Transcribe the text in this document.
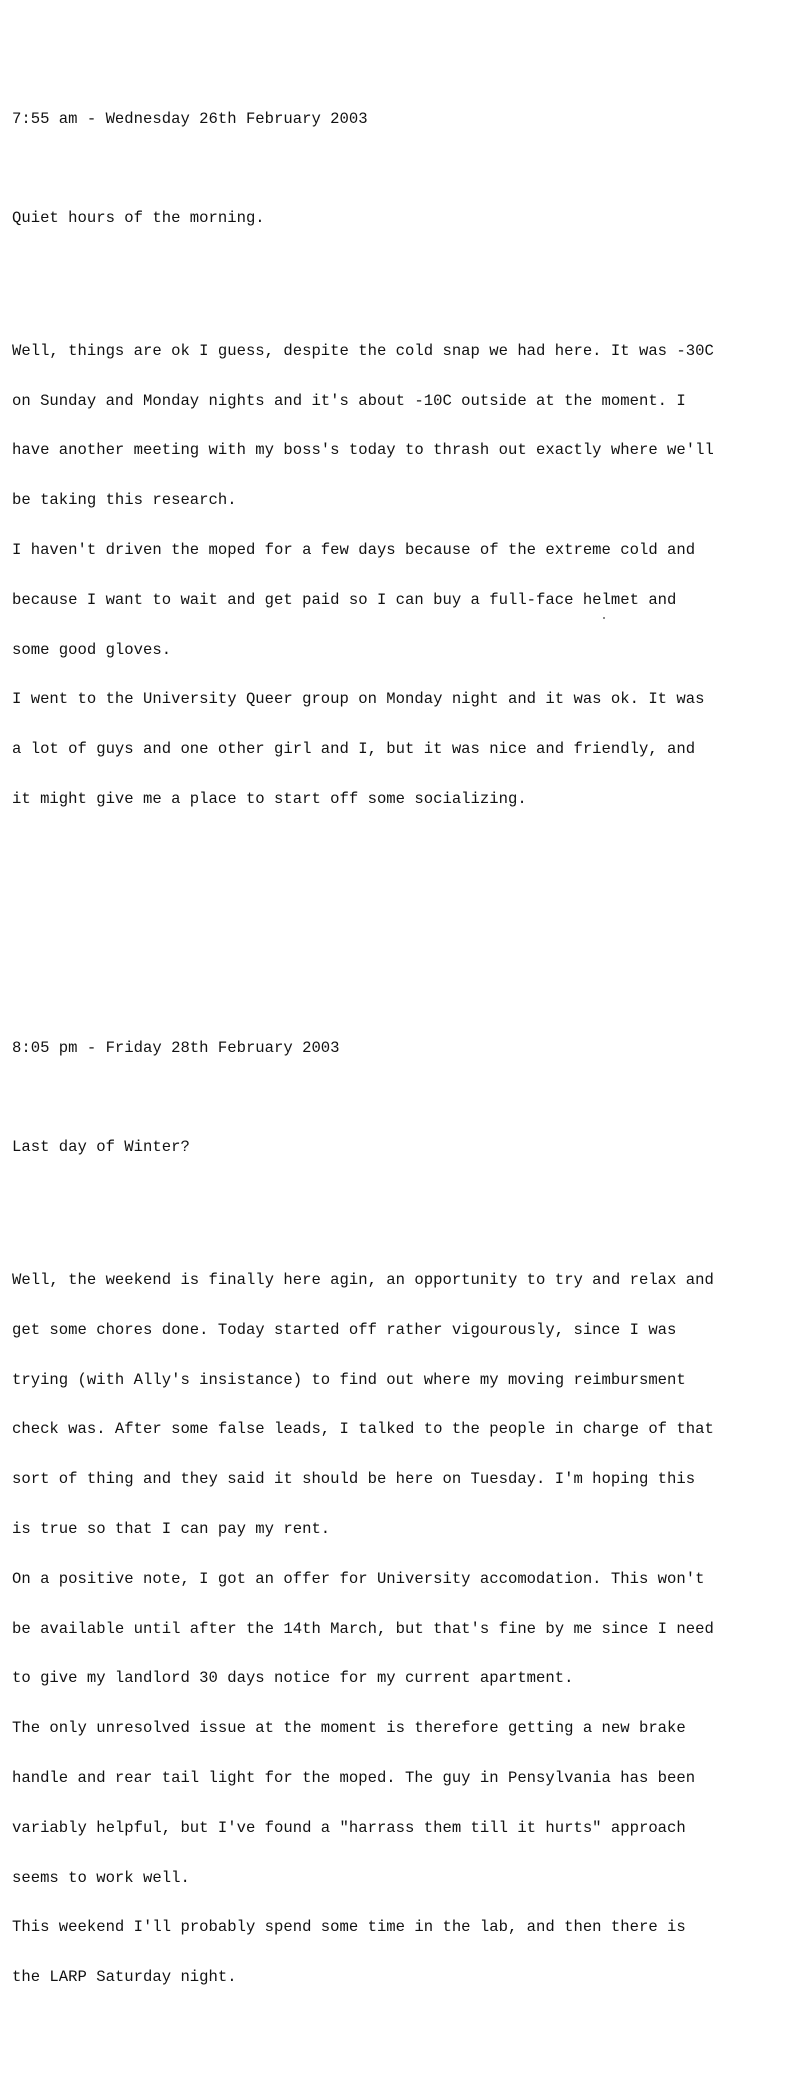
7:55 am - Wednesday 26th February 2003

Quiet hours of the morning.

Well, things are ok I guess, despite the cold snap we had here. It was -30C

on Sunday and Monday nights and it's about -10C outside at the moment. I

have another meeting with my boss's today to thrash out exactly where we'll

be taking this research.

I haven't driven the moped for a few days because of the extreme cold and

because I want to wait and get paid so I can buy a full-face helmet and

some good gloves.

I went to the University Queer group on Monday night and it was ok. It was

a lot of guys and one other girl and I, but it was nice and friendly, and

it might give me a place to start off some socializing.

8:05 pm - Friday 28th February 2003

Last day of Winter?

Well, the weekend is finally here agin, an opportunity to try and relax and

get some chores done. Today started off rather vigourously, since I was

trying (with Ally's insistance) to find out where my moving reimbursment

check was. After some false leads, I talked to the people in charge of that

sort of thing and they said it should be here on Tuesday. I'm hoping this

is true so that I can pay my rent.

On a positive note, I got an offer for University accomodation. This won't

be available until after the 14th March, but that's fine by me since I need

to give my landlord 30 days notice for my current apartment.

The only unresolved issue at the moment is therefore getting a new brake

handle and rear tail light for the moped. The guy in Pensylvania has been

variably helpful, but I've found a "harrass them till it hurts" approach

seems to work well.

This weekend I'll probably spend some time in the lab, and then there is

the LARP Saturday night.
